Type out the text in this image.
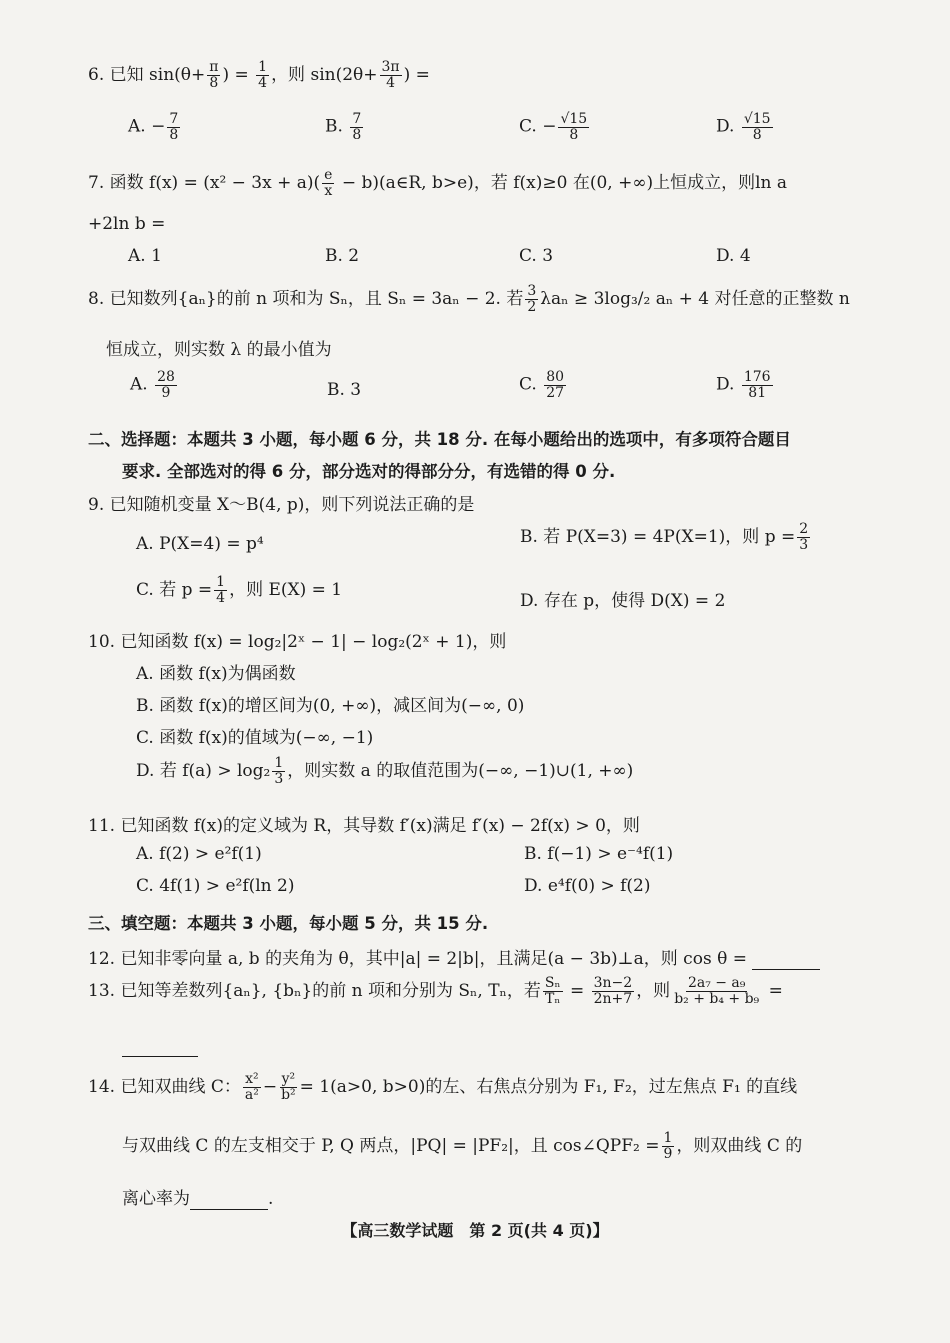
6. 已知 $\sin(\theta+ \frac{\pi}{8}$ ) = $\frac{1}{4}$ ，则 $\sin(2\theta+ \frac{3\pi}{4}$ ) =
A. − $\frac{7}{8}$	B. $\frac{7}{8}$	C. − $\frac{√15}{8}$	D. $\frac{√15}{8}$
7. 函数 $f(x) = (x^2 - 3x + a)( \frac{e}{x}$ − b)(a∈R, b>e)，若 f(x)≥0 在(0, +∞)上恒成立，则ln a
+2ln b =
A. 1	B. 2	C. 3	D. 4
8. 已知数列{aₙ}的前 n 项和为 Sₙ，且 Sₙ = 3aₙ − 2. 若 $\frac{3}{2}$ λaₙ ≥ 3log₃/₂ aₙ + 4 对任意的正整数 n
恒成立，则实数 λ 的最小值为
A. $\frac{28}{9}$	B. 3	C. $\frac{80}{27}$	D. $\frac{176}{81}$
二、选择题：本题共 3 小题，每小题 6 分，共 18 分. 在每小题给出的选项中，有多项符合题目
要求. 全部选对的得 6 分，部分选对的得部分分，有选错的得 0 分.
9. 已知随机变量 X～B(4, p)，则下列说法正确的是
A. P(X=4) = p⁴	B. 若 P(X=3) = 4P(X=1)，则 $p = \frac{2}{3}$
C. 若 $p = \frac{1}{4}$ ，则 E(X) = 1
D. 存在 p，使得 D(X) = 2
10. 已知函数 f(x) = log₂|2ˣ − 1| − log₂(2ˣ + 1)，则
A. 函数 f(x)为偶函数
B. 函数 f(x)的增区间为(0, +∞)，减区间为(−∞, 0)
C. 函数 f(x)的值域为(−∞, −1)
D. 若 $f(a) > \log_2 \frac{1}{3}$ ，则实数 a 的取值范围为(−∞, −1)∪(1, +∞)
11. 已知函数 f(x)的定义域为 R，其导数 f′(x)满足 f′(x) − 2f(x) > 0，则
A. f(2) > e²f(1)	B. f(−1) > e⁻⁴f(1)
C. 4f(1) > e²f(ln 2)	D. e⁴f(0) > f(2)
三、填空题：本题共 3 小题，每小题 5 分，共 15 分.
12. 已知非零向量 a, b 的夹角为 θ，其中|a| = 2|b|，且满足(a − 3b)⊥a，则 cos θ =
13. 已知等差数列{aₙ}, {bₙ}的前 n 项和分别为 Sₙ, Tₙ，若 $\frac{\text{Sₙ}}{\text{Tₙ}} = \frac{3n-2}{2n+7}$ ，则 $\frac{\text{2a₇ − a₉}}{\text{b₂ + b₄ + b₉}}$ =

14. 已知双曲线 C： $\frac{\text{x²}}{\text{a²}} - \frac{\text{y²}}{\text{b²}} = 1(a>0$, b>0)的左、右焦点分别为 F₁, F₂，过左焦点 F₁ 的直线
与双曲线 C 的左支相交于 P, Q 两点，|PQ| = |PF₂|，且 cos∠QPF₂ = $\frac{1}{9}$ ，则双曲线 C 的
离心率为	.
【高三数学试题　第 2 页(共 4 页)】
